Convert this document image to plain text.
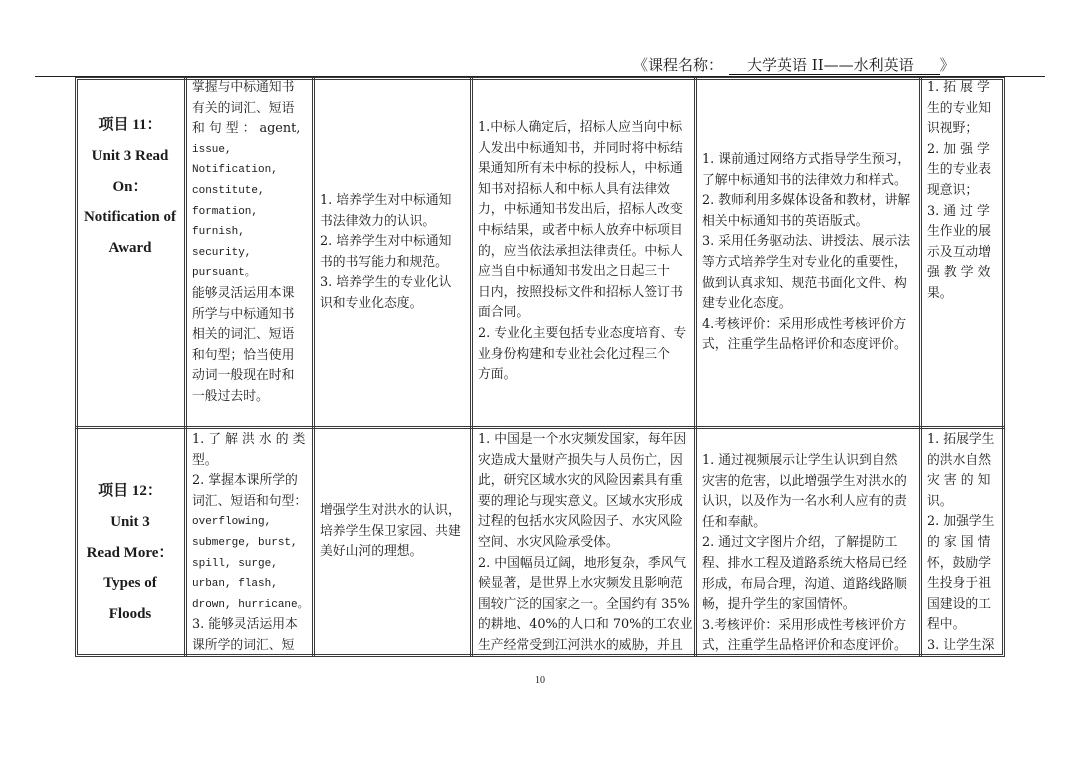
《课程名称： 大学英语 II——水利英语 》
项目 11：
Unit 3 Read
On：
Notification of
Award
掌握与中标通知书
有关的词汇、短语
和 句 型 ： agent,
issue,
Notification,
constitute,
formation,
furnish,
security,
pursuant。
能够灵活运用本课
所学与中标通知书
相关的词汇、短语
和句型；恰当使用
动词一般现在时和
一般过去时。
1. 培养学生对中标通知
书法律效力的认识。
2. 培养学生对中标通知
书的书写能力和规范。
3. 培养学生的专业化认
识和专业化态度。
1.中标人确定后，招标人应当向中标
人发出中标通知书，并同时将中标结
果通知所有未中标的投标人，中标通
知书对招标人和中标人具有法律效
力，中标通知书发出后，招标人改变
中标结果，或者中标人放弃中标项目
的，应当依法承担法律责任。中标人
应当自中标通知书发出之日起三十
日内，按照投标文件和招标人签订书
面合同。
2. 专业化主要包括专业态度培育、专
业身份构建和专业社会化过程三个
方面。
1. 课前通过网络方式指导学生预习，
了解中标通知书的法律效力和样式。
2. 教师利用多媒体设备和教材，讲解
相关中标通知书的英语版式。
3. 采用任务驱动法、讲授法、展示法
等方式培养学生对专业化的重要性，
做到认真求知、规范书面化文件、构
建专业化态度。
4.考核评价：采用形成性考核评价方
式，注重学生品格评价和态度评价。
1. 拓 展 学
生的专业知
识视野；
2. 加 强 学
生的专业表
现意识；
3. 通 过 学
生作业的展
示及互动增
强 教 学 效
果。
项目 12：
Unit 3
Read More：
Types of
Floods
1. 了 解 洪 水 的 类
型。
2. 掌握本课所学的
词汇、短语和句型：
overflowing,
submerge, burst,
spill, surge,
urban, flash,
drown, hurricane。
3. 能够灵活运用本
课所学的词汇、短
增强学生对洪水的认识，
培养学生保卫家园、共建
美好山河的理想。
1. 中国是一个水灾频发国家，每年因
灾造成大量财产损失与人员伤亡，因
此，研究区域水灾的风险因素具有重
要的理论与现实意义。区域水灾形成
过程的包括水灾风险因子、水灾风险
空间、水灾风险承受体。
2. 中国幅员辽阔，地形复杂，季风气
候显著，是世界上水灾频发且影响范
围较广泛的国家之一。全国约有 35%
的耕地、40%的人口和 70%的工农业
生产经常受到江河洪水的威胁，并且
1. 通过视频展示让学生认识到自然
灾害的危害，以此增强学生对洪水的
认识，以及作为一名水利人应有的责
任和奉献。
2. 通过文字图片介绍，了解提防工
程、排水工程及道路系统大格局已经
形成，布局合理，沟道、道路线路顺
畅，提升学生的家国情怀。
3.考核评价：采用形成性考核评价方
式，注重学生品格评价和态度评价。
1. 拓展学生
的洪水自然
灾 害 的 知
识。
2. 加强学生
的 家 国 情
怀，鼓励学
生投身于祖
国建设的工
程中。
3. 让学生深
10
